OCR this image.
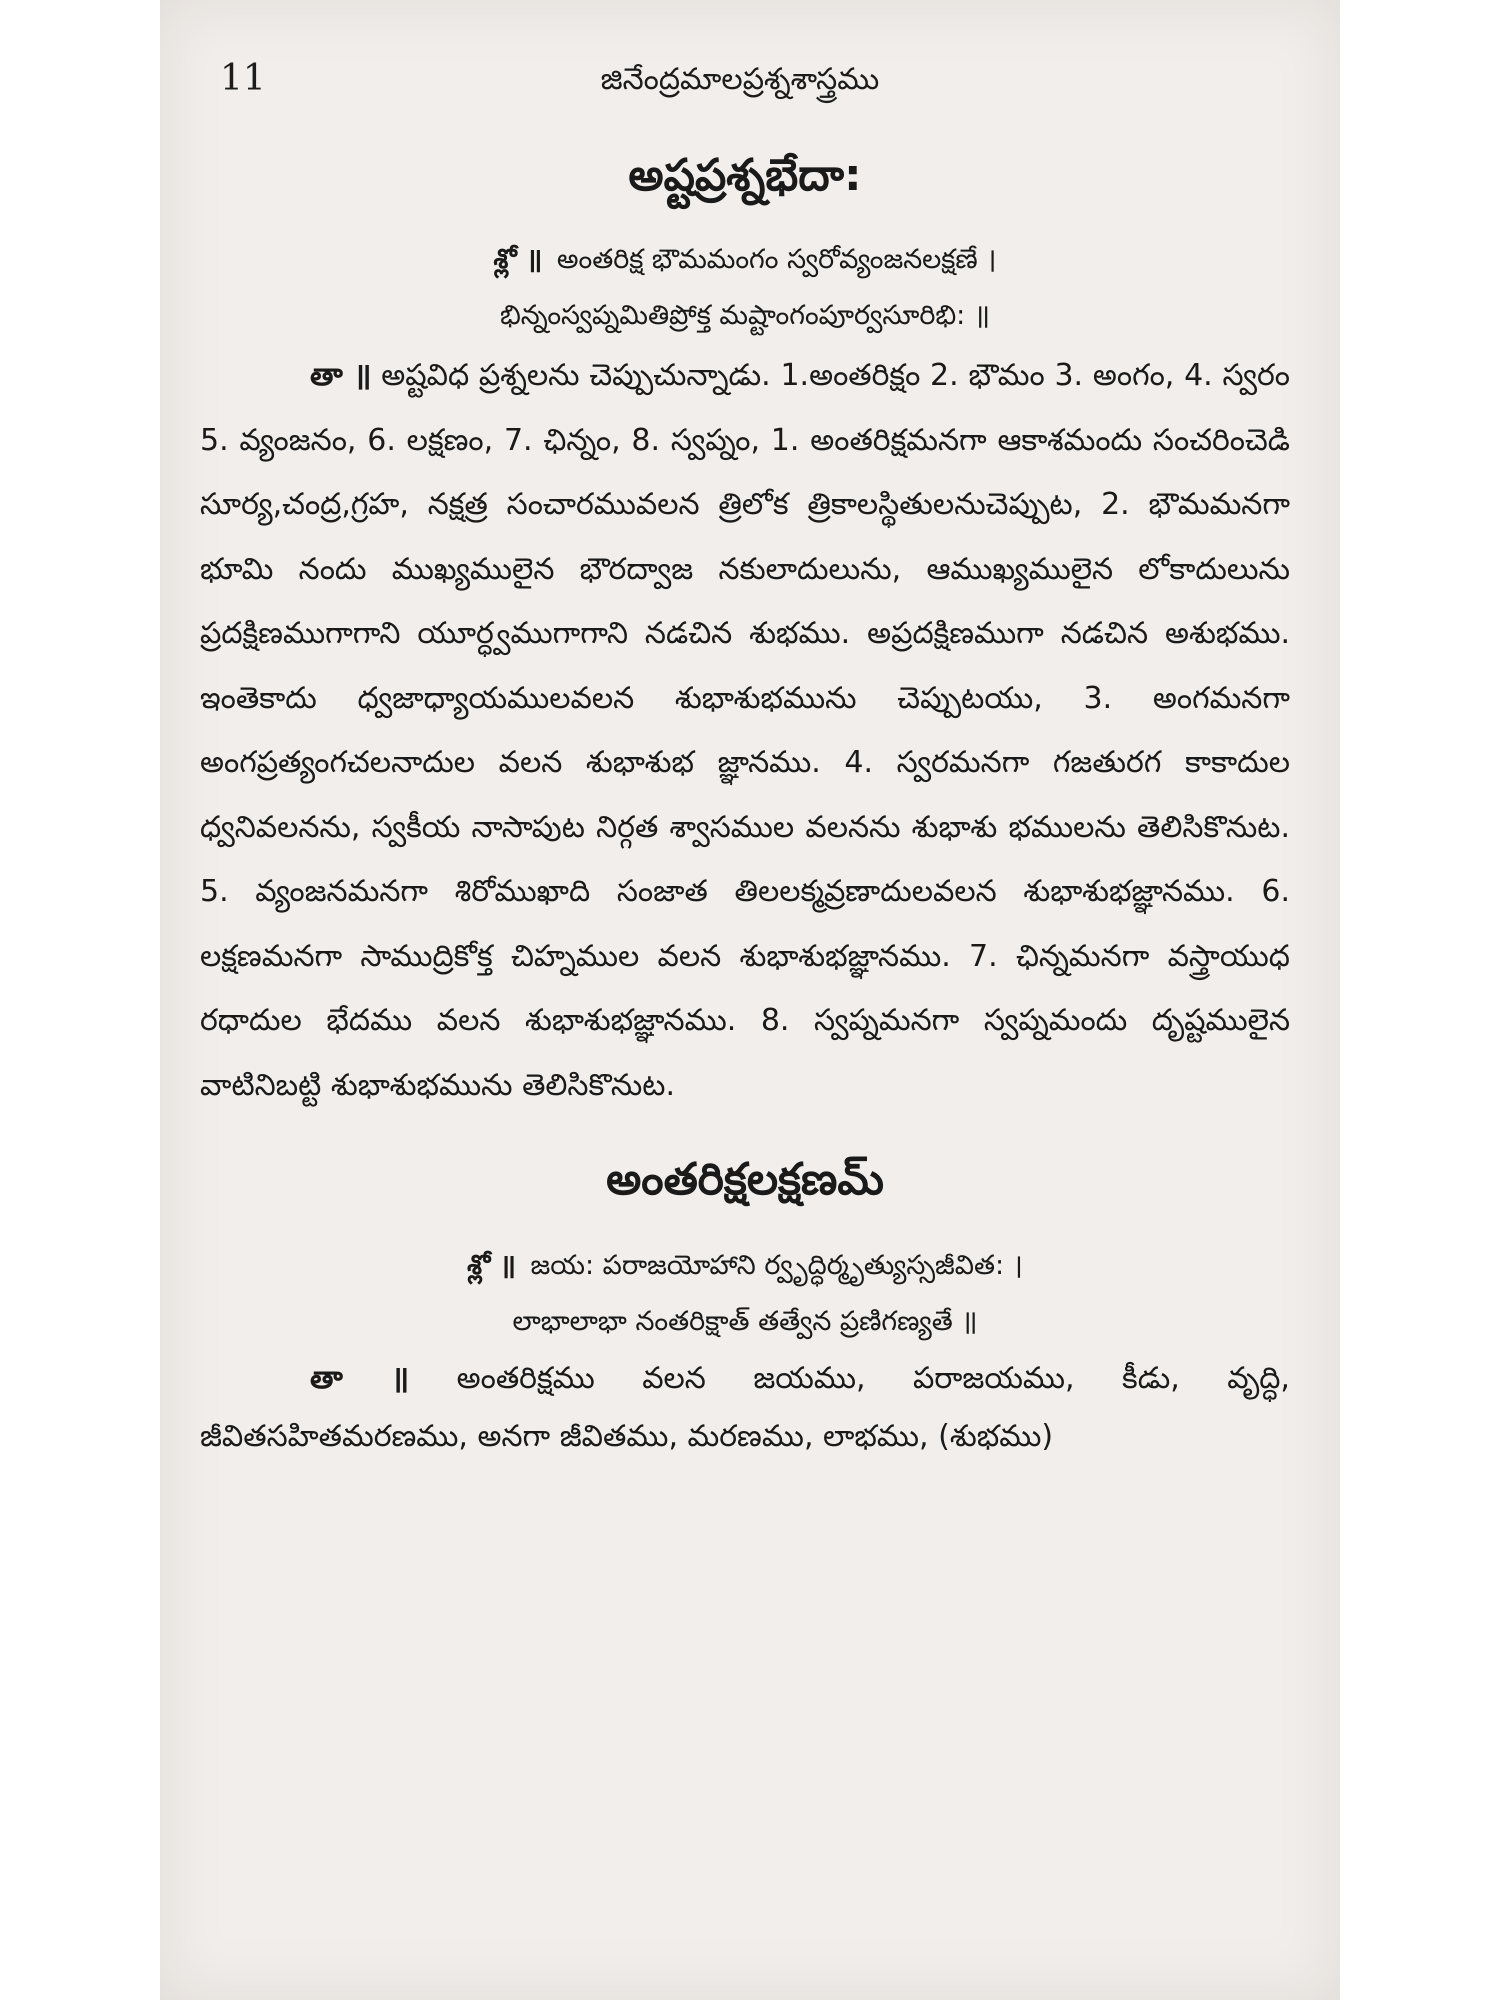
11	జినేంద్రమాలప్రశ్నశాస్త్రము
అష్టప్రశ్నభేదా:
శ్లో ॥ అంతరిక్ష భౌమమంగం స్వరోవ్యంజనలక్షణే ।
భిన్నంస్వప్నమితిప్రోక్త మష్టాంగంపూర్వసూరిభి: ॥

తా ॥ అష్టవిధ ప్రశ్నలను చెప్పుచున్నాడు. 1.అంతరిక్షం 2. భౌమం 3. అంగం, 4. స్వరం 5. వ్యంజనం, 6. లక్షణం, 7. ఛిన్నం, 8. స్వప్నం, 1. అంతరిక్షమనగా ఆకాశమందు సంచరించెడి సూర్య,చంద్ర,గ్రహ, నక్షత్ర సంచారమువలన త్రిలోక త్రికాలస్థితులనుచెప్పుట, 2. భౌమమనగా భూమి నందు ముఖ్యములైన భౌరద్వాజ నకులాదులును, ఆముఖ్యములైన లోకాదులును ప్రదక్షిణముగాగాని యూర్ధ్వముగాగాని నడచిన శుభము. అప్రదక్షిణముగా నడచిన అశుభము. ఇంతెకాదు ధ్వజాధ్యాయములవలన శుభాశుభమును చెప్పుటయు, 3. అంగమనగా అంగప్రత్యంగచలనాదుల వలన శుభాశుభ జ్ఞానము. 4. స్వరమనగా గజతురగ కాకాదుల ధ్వనివలనను, స్వకీయ నాసాపుట నిర్గత శ్వాసముల వలనను శుభాశు భములను తెలిసికొనుట. 5. వ్యంజనమనగా శిరోముఖాది సంజాత తిలలక్మవ్రణాదులవలన శుభాశుభజ్ఞానము. 6. లక్షణమనగా సాముద్రికోక్త చిహ్నముల వలన శుభాశుభజ్ఞానము. 7. ఛిన్నమనగా వస్త్రాయుధ రధాదుల భేదము వలన శుభాశుభజ్ఞానము. 8. స్వప్నమనగా స్వప్నమందు దృష్టములైన వాటినిబట్టి శుభాశుభమును తెలిసికొనుట.

అంతరిక్షలక్షణమ్
శ్లో ॥ జయ: పరాజయోహాని ర్వృద్ధిర్మృత్యుస్సజీవిత: ।
లాభాలాభా నంతరిక్షాత్ తత్వేన ప్రణిగణ్యతే ॥

తా ॥ అంతరిక్షము వలన జయము, పరాజయము, కీడు, వృద్ధి, జీవితసహితమరణము, అనగా జీవితము, మరణము, లాభము, (శుభము)
